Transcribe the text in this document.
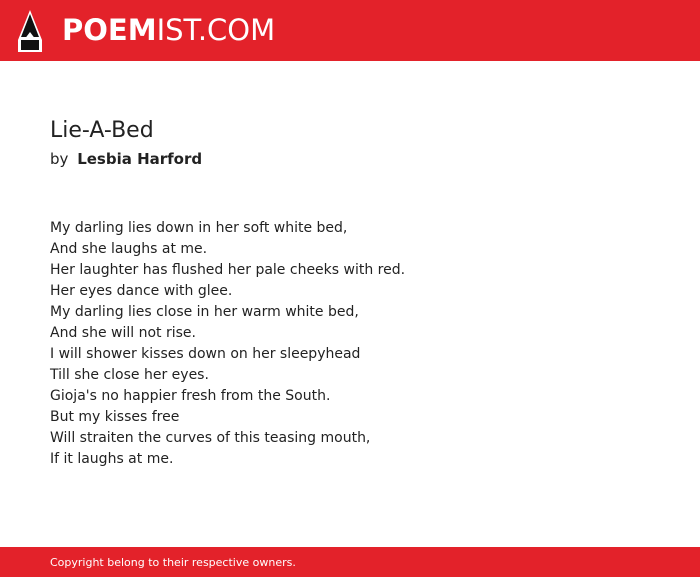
POEMIST.COM
Lie-A-Bed
by Lesbia Harford
My darling lies down in her soft white bed,
And she laughs at me.
Her laughter has flushed her pale cheeks with red.
Her eyes dance with glee.
My darling lies close in her warm white bed,
And she will not rise.
I will shower kisses down on her sleepyhead
Till she close her eyes.
Gioja's no happier fresh from the South.
But my kisses free
Will straiten the curves of this teasing mouth,
If it laughs at me.
Copyright belong to their respective owners.
